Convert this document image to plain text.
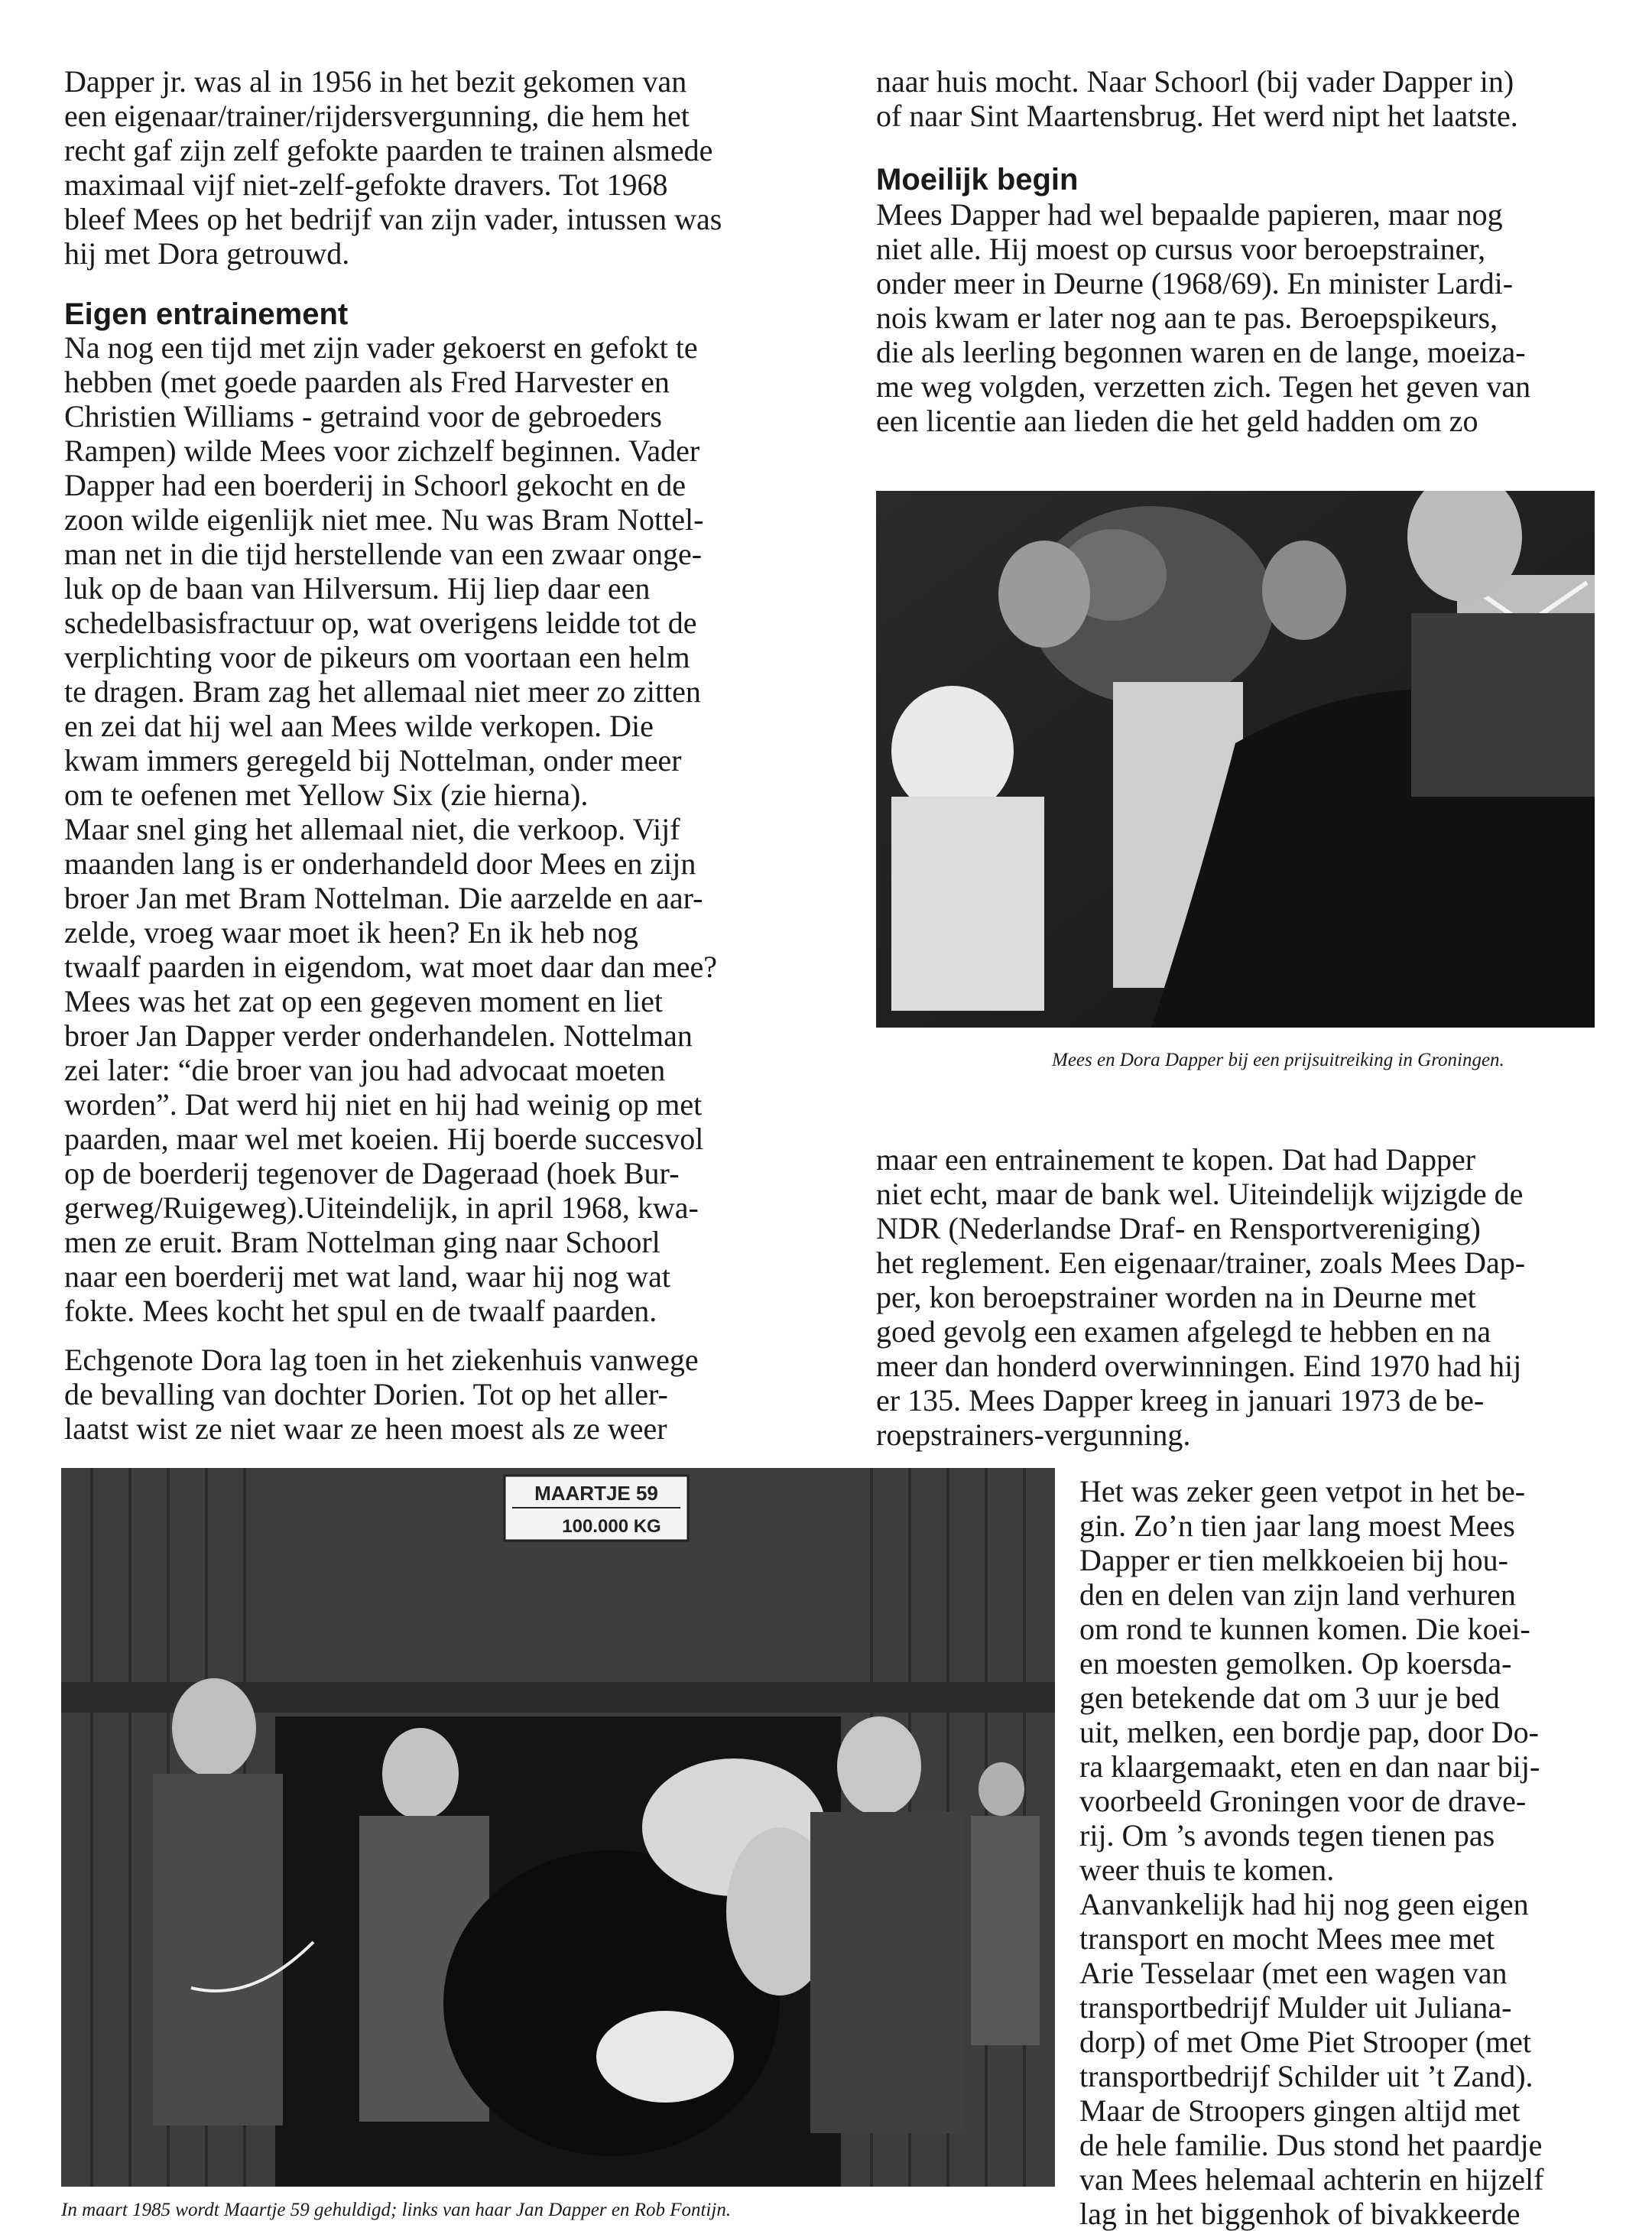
Dapper jr. was al in 1956 in het bezit gekomen van
een eigenaar/trainer/rijdersvergunning, die hem het
recht gaf zijn zelf gefokte paarden te trainen alsmede
maximaal vijf niet-zelf-gefokte dravers. Tot 1968
bleef Mees op het bedrijf van zijn vader, intussen was
hij met Dora getrouwd.
Eigen entrainement
Na nog een tijd met zijn vader gekoerst en gefokt te
hebben (met goede paarden als Fred Harvester en
Christien Williams - getraind voor de gebroeders
Rampen) wilde Mees voor zichzelf beginnen. Vader
Dapper had een boerderij in Schoorl gekocht en de
zoon wilde eigenlijk niet mee. Nu was Bram Nottel-
man net in die tijd herstellende van een zwaar onge-
luk op de baan van Hilversum. Hij liep daar een
schedelbasisfractuur op, wat overigens leidde tot de
verplichting voor de pikeurs om voortaan een helm
te dragen. Bram zag het allemaal niet meer zo zitten
en zei dat hij wel aan Mees wilde verkopen. Die
kwam immers geregeld bij Nottelman, onder meer
om te oefenen met Yellow Six (zie hierna).
Maar snel ging het allemaal niet, die verkoop. Vijf
maanden lang is er onderhandeld door Mees en zijn
broer Jan met Bram Nottelman. Die aarzelde en aar-
zelde, vroeg waar moet ik heen? En ik heb nog
twaalf paarden in eigendom, wat moet daar dan mee?
Mees was het zat op een gegeven moment en liet
broer Jan Dapper verder onderhandelen. Nottelman
zei later: “die broer van jou had advocaat moeten
worden”. Dat werd hij niet en hij had weinig op met
paarden, maar wel met koeien. Hij boerde succesvol
op de boerderij tegenover de Dageraad (hoek Bur-
gerweg/Ruigeweg).Uiteindelijk, in april 1968, kwa-
men ze eruit. Bram Nottelman ging naar Schoorl
naar een boerderij met wat land, waar hij nog wat
fokte. Mees kocht het spul en de twaalf paarden.
Echgenote Dora lag toen in het ziekenhuis vanwege
de bevalling van dochter Dorien. Tot op het aller-
laatst wist ze niet waar ze heen moest als ze weer
naar huis mocht. Naar Schoorl (bij vader Dapper in)
of naar Sint Maartensbrug. Het werd nipt het laatste.
Moeilijk begin
Mees Dapper had wel bepaalde papieren, maar nog
niet alle. Hij moest op cursus voor beroepstrainer,
onder meer in Deurne (1968/69). En minister Lardi-
nois kwam er later nog aan te pas. Beroepspikeurs,
die als leerling begonnen waren en de lange, moeiza-
me weg volgden, verzetten zich. Tegen het geven van
een licentie aan lieden die het geld hadden om zo
Mees en Dora Dapper bij een prijsuitreiking in Groningen.
maar een entrainement te kopen. Dat had Dapper
niet echt, maar de bank wel. Uiteindelijk wijzigde de
NDR (Nederlandse Draf- en Rensportvereniging)
het reglement. Een eigenaar/trainer, zoals Mees Dap-
per, kon beroepstrainer worden na in Deurne met
goed gevolg een examen afgelegd te hebben en na
meer dan honderd overwinningen. Eind 1970 had hij
er 135. Mees Dapper kreeg in januari 1973 de be-
roepstrainers-vergunning.
MAARTJE 59
100.000 KG
In maart 1985 wordt Maartje 59 gehuldigd; links van haar Jan Dapper en Rob Fontijn.
Het was zeker geen vetpot in het be-
gin. Zo’n tien jaar lang moest Mees
Dapper er tien melkkoeien bij hou-
den en delen van zijn land verhuren
om rond te kunnen komen. Die koei-
en moesten gemolken. Op koersda-
gen betekende dat om 3 uur je bed
uit, melken, een bordje pap, door Do-
ra klaargemaakt, eten en dan naar bij-
voorbeeld Groningen voor de drave-
rij. Om ’s avonds tegen tienen pas
weer thuis te komen.
Aanvankelijk had hij nog geen eigen
transport en mocht Mees mee met
Arie Tesselaar (met een wagen van
transportbedrijf Mulder uit Juliana-
dorp) of met Ome Piet Strooper (met
transportbedrijf Schilder uit ’t Zand).
Maar de Stroopers gingen altijd met
de hele familie. Dus stond het paardje
van Mees helemaal achterin en hijzelf
lag in het biggenhok of bivakkeerde
